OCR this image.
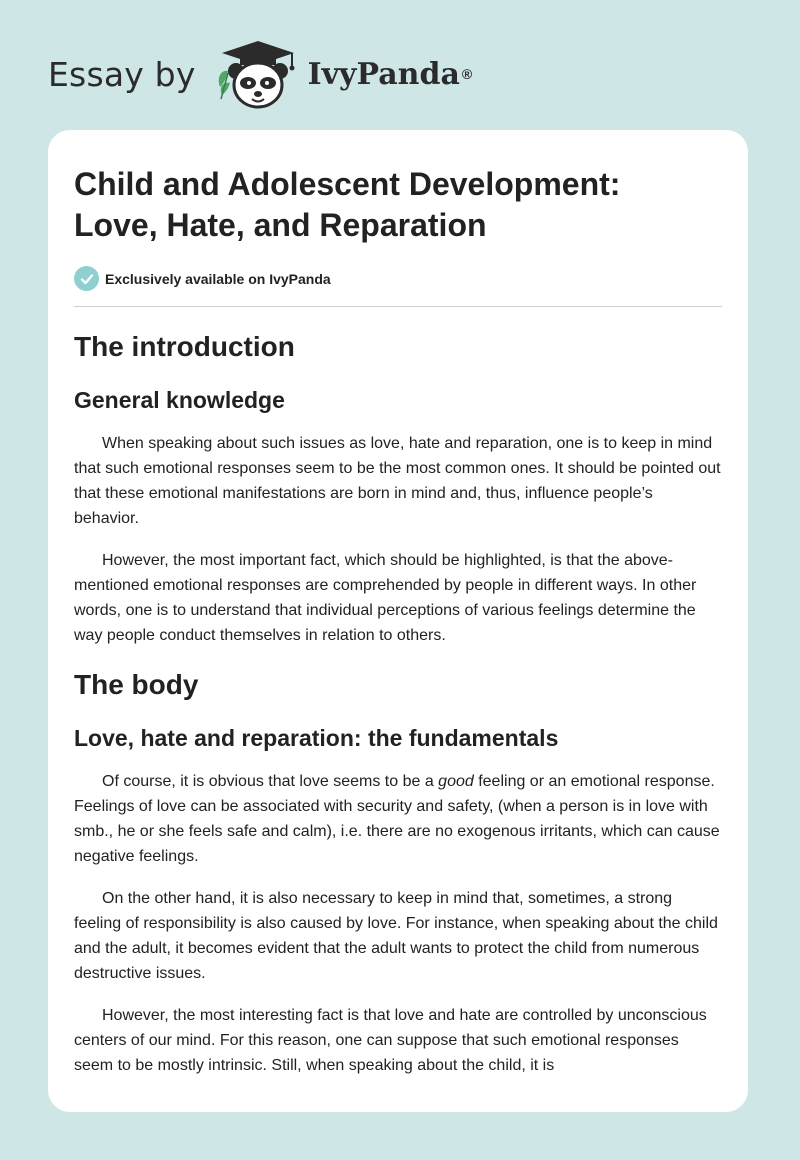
Essay by	IvyPanda ®
Child and Adolescent Development:
Love, Hate, and Reparation
Exclusively available on IvyPanda
The introduction
General knowledge

When speaking about such issues as love, hate and reparation, one is to keep in mind that such emotional responses seem to be the most common ones. It should be pointed out that these emotional manifestations are born in mind and, thus, influence people’s behavior.

However, the most important fact, which should be highlighted, is that the above-mentioned emotional responses are comprehended by people in different ways. In other words, one is to understand that individual perceptions of various feelings determine the way people conduct themselves in relation to others.

The body
Love, hate and reparation: the fundamentals

Of course, it is obvious that love seems to be a good feeling or an emotional response. Feelings of love can be associated with security and safety, (when a person is in love with smb., he or she feels safe and calm), i.e. there are no exogenous irritants, which can cause negative feelings.

On the other hand, it is also necessary to keep in mind that, sometimes, a strong feeling of responsibility is also caused by love. For instance, when speaking about the child and the adult, it becomes evident that the adult wants to protect the child from numerous destructive issues.

However, the most interesting fact is that love and hate are controlled by unconscious centers of our mind. For this reason, one can suppose that such emotional responses seem to be mostly intrinsic. Still, when speaking about the child, it is
